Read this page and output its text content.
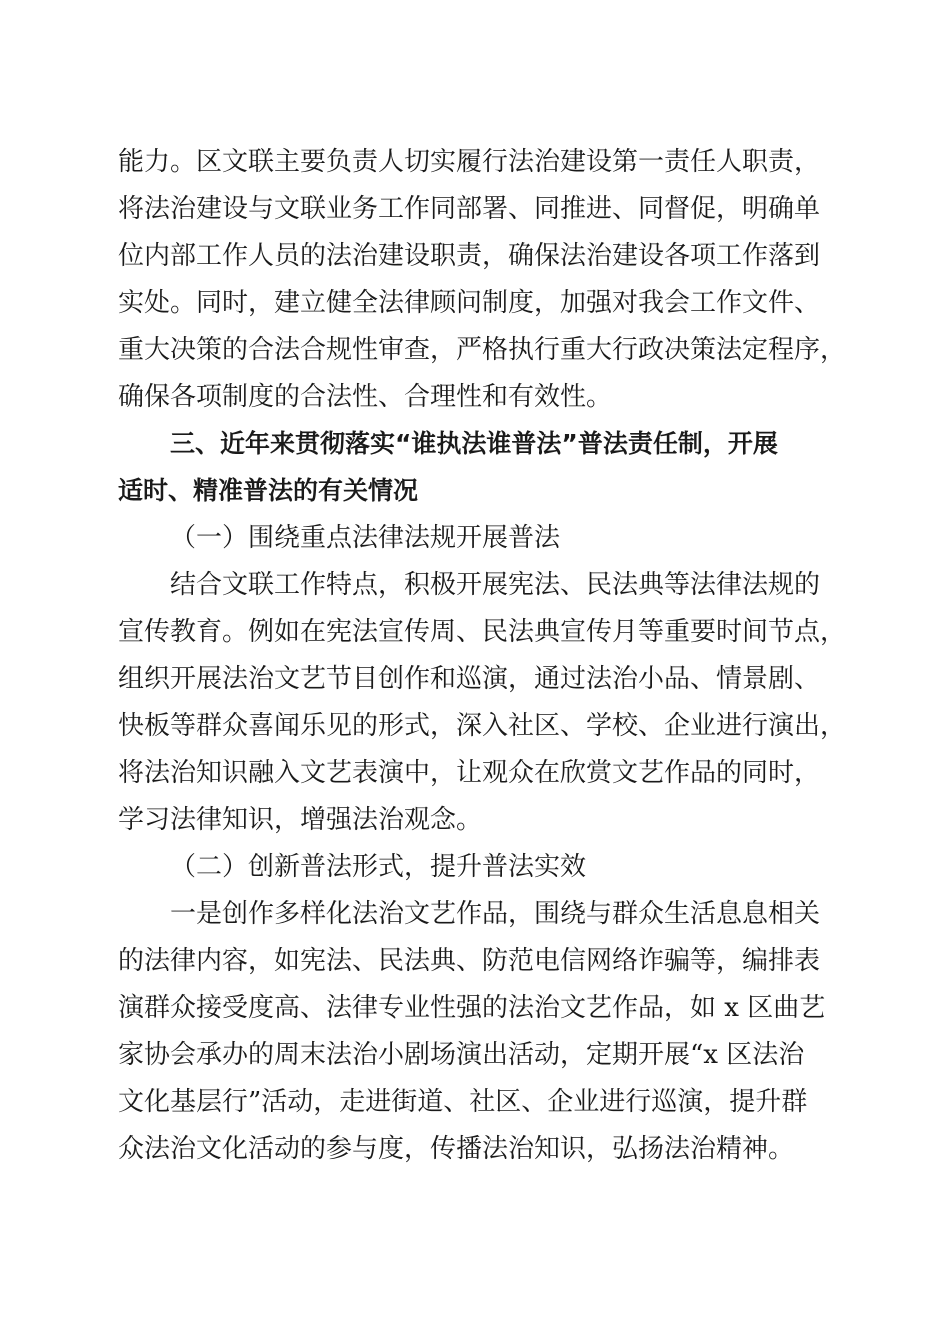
能力。区文联主要负责人切实履行法治建设第一责任人职责，
将法治建设与文联业务工作同部署、同推进、同督促，明确单
位内部工作人员的法治建设职责，确保法治建设各项工作落到
实处。同时，建立健全法律顾问制度，加强对我会工作文件、
重大决策的合法合规性审查，严格执行重大行政决策法定程序，
确保各项制度的合法性、合理性和有效性。
三、近年来贯彻落实“谁执法谁普法”普法责任制，开展
适时、精准普法的有关情况
（一）围绕重点法律法规开展普法
结合文联工作特点，积极开展宪法、民法典等法律法规的
宣传教育。例如在宪法宣传周、民法典宣传月等重要时间节点，
组织开展法治文艺节目创作和巡演，通过法治小品、情景剧、
快板等群众喜闻乐见的形式，深入社区、学校、企业进行演出，
将法治知识融入文艺表演中，让观众在欣赏文艺作品的同时，
学习法律知识，增强法治观念。
（二）创新普法形式，提升普法实效
一是创作多样化法治文艺作品，围绕与群众生活息息相关
的法律内容，如宪法、民法典、防范电信网络诈骗等，编排表
演群众接受度高、法律专业性强的法治文艺作品，如 x 区曲艺
家协会承办的周末法治小剧场演出活动，定期开展“x 区法治
文化基层行”活动，走进街道、社区、企业进行巡演，提升群
众法治文化活动的参与度，传播法治知识，弘扬法治精神。
